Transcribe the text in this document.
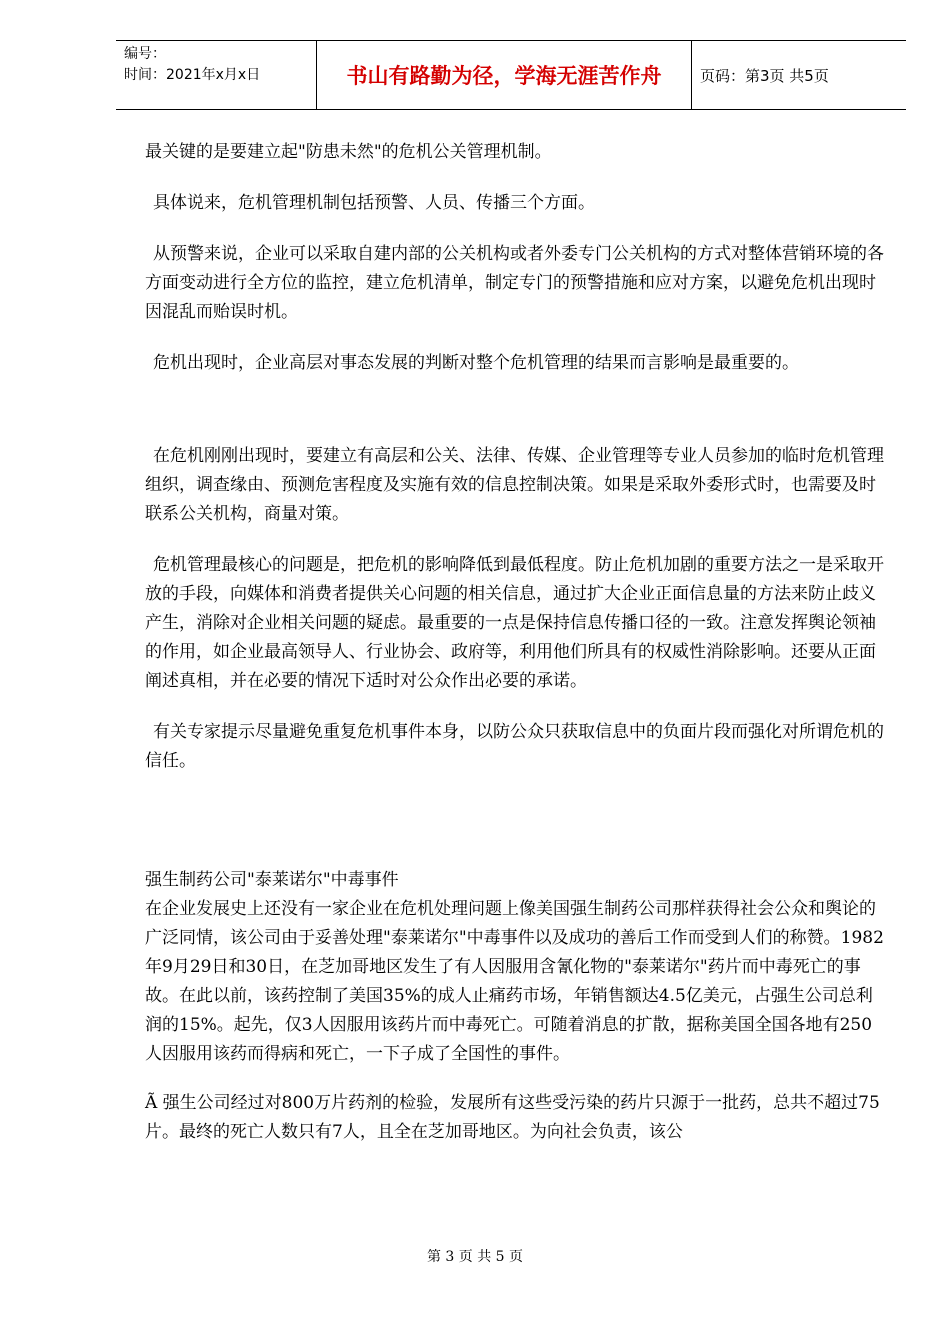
编号：
时间：2021年x月x日	书山有路勤为径，学海无涯苦作舟	页码：第3页 共5页

最关键的是要建立起"防患未然"的危机公关管理机制。

具体说来，危机管理机制包括预警、人员、传播三个方面。

从预警来说，企业可以采取自建内部的公关机构或者外委专门公关机构的方式对整体营销环境的各方面变动进行全方位的监控，建立危机清单，制定专门的预警措施和应对方案，以避免危机出现时因混乱而贻误时机。

危机出现时，企业高层对事态发展的判断对整个危机管理的结果而言影响是最重要的。

在危机刚刚出现时，要建立有高层和公关、法律、传媒、企业管理等专业人员参加的临时危机管理组织，调查缘由、预测危害程度及实施有效的信息控制决策。如果是采取外委形式时，也需要及时联系公关机构，商量对策。

危机管理最核心的问题是，把危机的影响降低到最低程度。防止危机加剧的重要方法之一是采取开放的手段，向媒体和消费者提供关心问题的相关信息，通过扩大企业正面信息量的方法来防止歧义产生，消除对企业相关问题的疑虑。最重要的一点是保持信息传播口径的一致。注意发挥舆论领袖的作用，如企业最高领导人、行业协会、政府等，利用他们所具有的权威性消除影响。还要从正面阐述真相，并在必要的情况下适时对公众作出必要的承诺。

有关专家提示尽量避免重复危机事件本身，以防公众只获取信息中的负面片段而强化对所谓危机的信任。

强生制药公司"泰莱诺尔"中毒事件

在企业发展史上还没有一家企业在危机处理问题上像美国强生制药公司那样获得社会公众和舆论的广泛同情，该公司由于妥善处理"泰莱诺尔"中毒事件以及成功的善后工作而受到人们的称赞。1982年9月29日和30日，在芝加哥地区发生了有人因服用含氰化物的"泰莱诺尔"药片而中毒死亡的事故。在此以前，该药控制了美国35%的成人止痛药市场，年销售额达4.5亿美元，占强生公司总利润的15%。起先，仅3人因服用该药片而中毒死亡。可随着消息的扩散，据称美国全国各地有250人因服用该药而得病和死亡，一下子成了全国性的事件。

Ã 强生公司经过对800万片药剂的检验，发展所有这些受污染的药片只源于一批药，总共不超过75片。最终的死亡人数只有7人，且全在芝加哥地区。为向社会负责，该公

第 3 页 共 5 页
